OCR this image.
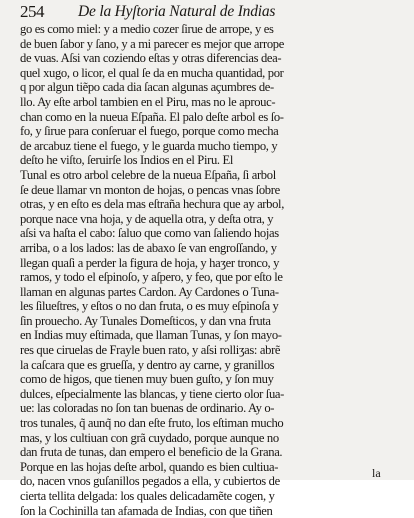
254 De la Hyſtoria Natural de Indias
go es como miel: y a medio cozer ſirue de arrope, y es
de buen ſabor y ſano, y a mi parecer es mejor que arrope
de vuas. Aſsi van coziendo eſtas y otras diferencias dea-
quel xugo, o licor, el qual ſe da en mucha quantidad, por
q por algun tiẽpo cada dia ſacan algunas açumbres de-
llo. Ay eſte arbol tambien en el Piru, mas no le aprouc-
chan como en la nueua Eſpaña. El palo deſte arbol es ſo-
fo, y ſirue para conſeruar el fuego, porque como mecha
de arcabuz tiene el fuego, y le guarda mucho tiempo, y
deſto he viſto, ſeruirſe los Indios en el Piru. El
Tunal es otro arbol celebre de la nueua Eſpaña, ſi arbol
ſe deue llamar vn monton de hojas, o pencas vnas ſobre
otras, y en eſto es dela mas eſtraña hechura que ay arbol,
porque nace vna hoja, y de aquella otra, y deſta otra, y
aſsi va haſta el cabo: ſaluo que como van ſaliendo hojas
arriba, o a los lados: las de abaxo ſe van engroſſando, y
llegan quaſi a perder la figura de hoja, y haʒer tronco, y
ramos, y todo el eſpinoſo, y aſpero, y feo, que por eſto le
llaman en algunas partes Cardon. Ay Cardones o Tuna-
les ſilueſtres, y eſtos o no dan fruta, o es muy eſpinoſa y
ſin prouecho. Ay Tunales Domeſticos, y dan vna fruta
en Indias muy eſtimada, que llaman Tunas, y ſon mayo-
res que ciruelas de Frayle buen rato, y aſsi rolliʒas: abrẽ
la caſcara que es grueſſa, y dentro ay carne, y granillos
como de higos, que tienen muy buen guſto, y ſon muy
dulces, eſpecialmente las blancas, y tiene cierto olor ſua-
ue: las coloradas no ſon tan buenas de ordinario. Ay o-
tros tunales, q̃ aunq̃ no dan eſte fruto, los eſtiman mucho
mas, y los cultiuan con grã cuydado, porque aunque no
dan fruta de tunas, dan empero el beneficio de la Grana.
Porque en las hojas deſte arbol, quando es bien cultiua-
do, nacen vnos guſanillos pegados a ella, y cubiertos de
cierta tellita delgada: los quales delicadamẽte cogen, y
ſon la Cochinilla tan afamada de Indias, con que tiñen
la
